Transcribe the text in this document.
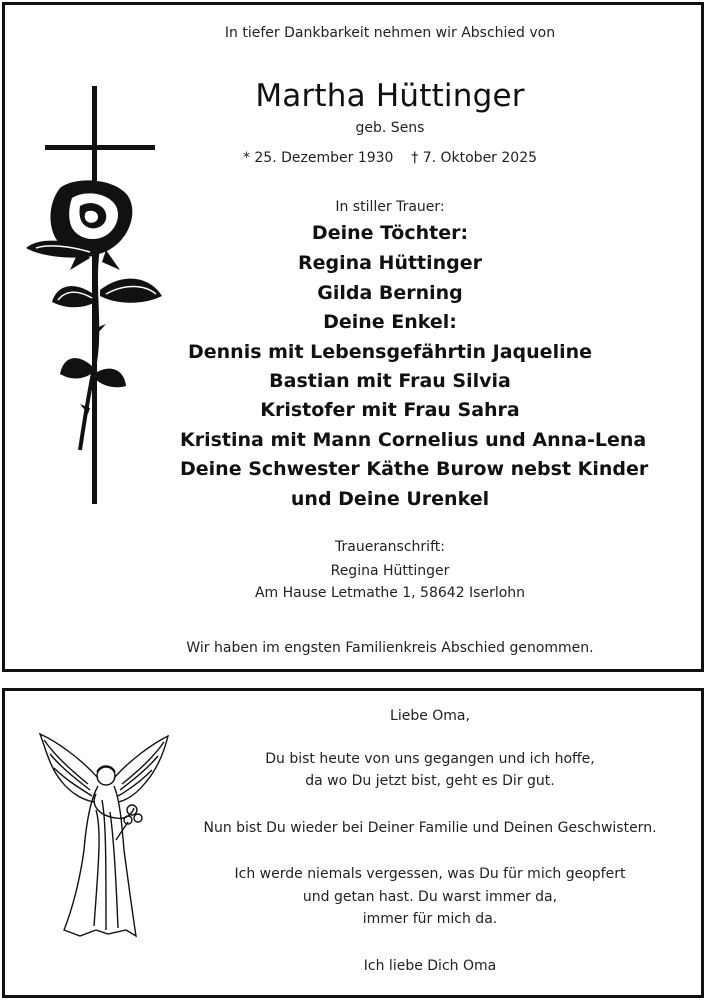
In tiefer Dankbarkeit nehmen wir Abschied von
Martha Hüttinger
geb. Sens
* 25. Dezember 1930    † 7. Oktober 2025
In stiller Trauer:
Deine Töchter:
Regina Hüttinger
Gilda Berning
Deine Enkel:
Dennis mit Lebensgefährtin Jaqueline
Bastian mit Frau Silvia
Kristofer mit Frau Sahra
Kristina mit Mann Cornelius und Anna-Lena
Deine Schwester Käthe Burow nebst Kinder
und Deine Urenkel
Traueranschrift:
Regina Hüttinger
Am Hause Letmathe 1, 58642 Iserlohn
Wir haben im engsten Familienkreis Abschied genommen.
Liebe Oma,
Du bist heute von uns gegangen und ich hoffe,
da wo Du jetzt bist, geht es Dir gut.
Nun bist Du wieder bei Deiner Familie und Deinen Geschwistern.
Ich werde niemals vergessen, was Du für mich geopfert
und getan hast. Du warst immer da,
immer für mich da.
Ich liebe Dich Oma
